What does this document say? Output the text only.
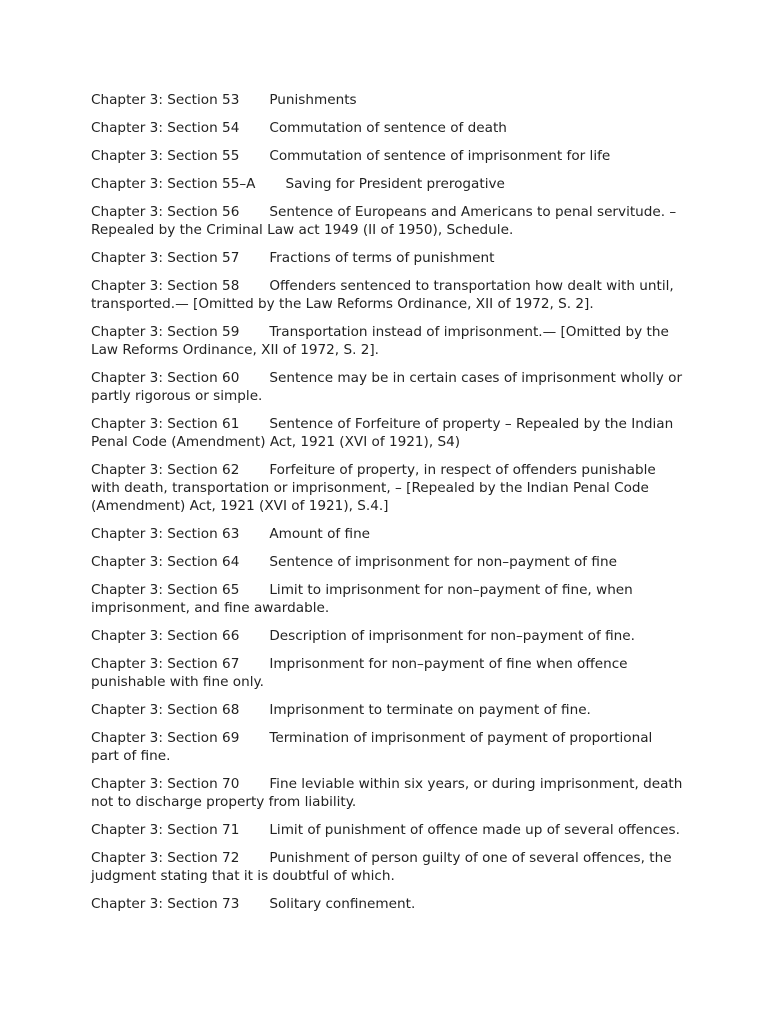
Chapter 3: Section 53 Punishments
Chapter 3: Section 54 Commutation of sentence of death
Chapter 3: Section 55 Commutation of sentence of imprisonment for life
Chapter 3: Section 55–A Saving for President prerogative
Chapter 3: Section 56 Sentence of Europeans and Americans to penal servitude. – Repealed by the Criminal Law act 1949 (II of 1950), Schedule.
Chapter 3: Section 57 Fractions of terms of punishment
Chapter 3: Section 58 Offenders sentenced to transportation how dealt with until, transported.— [Omitted by the Law Reforms Ordinance, XII of 1972, S. 2].
Chapter 3: Section 59 Transportation instead of imprisonment.— [Omitted by the Law Reforms Ordinance, XII of 1972, S. 2].
Chapter 3: Section 60 Sentence may be in certain cases of imprisonment wholly or partly rigorous or simple.
Chapter 3: Section 61 Sentence of Forfeiture of property – Repealed by the Indian Penal Code (Amendment) Act, 1921 (XVI of 1921), S4)
Chapter 3: Section 62 Forfeiture of property, in respect of offenders punishable with death, transportation or imprisonment, – [Repealed by the Indian Penal Code (Amendment) Act, 1921 (XVI of 1921), S.4.]
Chapter 3: Section 63 Amount of fine
Chapter 3: Section 64 Sentence of imprisonment for non–payment of fine
Chapter 3: Section 65 Limit to imprisonment for non–payment of fine, when imprisonment, and fine awardable.
Chapter 3: Section 66 Description of imprisonment for non–payment of fine.
Chapter 3: Section 67 Imprisonment for non–payment of fine when offence punishable with fine only.
Chapter 3: Section 68 Imprisonment to terminate on payment of fine.
Chapter 3: Section 69 Termination of imprisonment of payment of proportional part of fine.
Chapter 3: Section 70 Fine leviable within six years, or during imprisonment, death not to discharge property from liability.
Chapter 3: Section 71 Limit of punishment of offence made up of several offences.
Chapter 3: Section 72 Punishment of person guilty of one of several offences, the judgment stating that it is doubtful of which.
Chapter 3: Section 73 Solitary confinement.
